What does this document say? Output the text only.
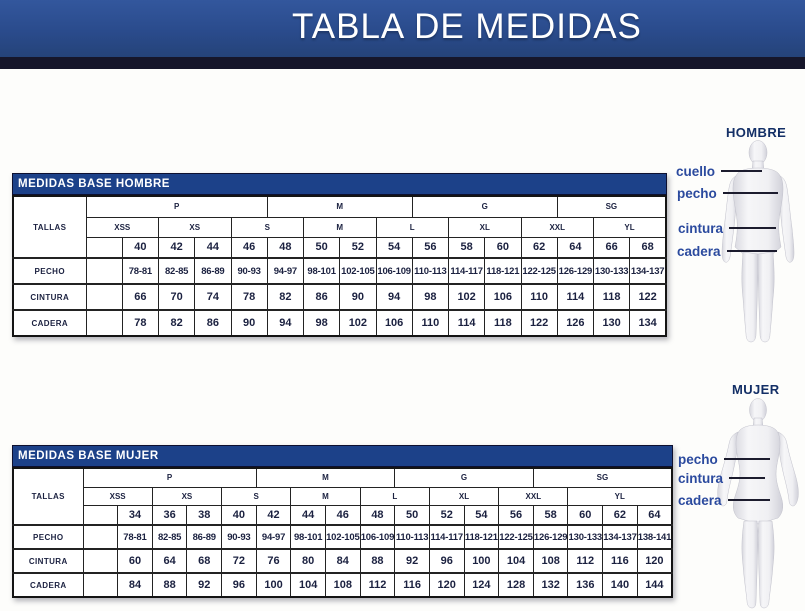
TABLA DE MEDIDAS
MEDIDAS BASE HOMBRE
TALLAS	P					M				G				SG		
	XSS		XS		S		M		L		XL		XXL		YL	
		40	42	44	46	48	50	52	54	56	58	60	62	64	66	68
PECHO		78-81	82-85	86-89	90-93	94-97	98-101	102-105	106-109	110-113	114-117	118-121	122-125	126-129	130-133	134-137
CINTURA		66	70	74	78	82	86	90	94	98	102	106	110	114	118	122
CADERA		78	82	86	90	94	98	102	106	110	114	118	122	126	130	134
MEDIDAS BASE MUJER
TALLAS	P					M				G				SG			
	XSS		XS		S		M		L		XL		XXL		YL		
		34	36	38	40	42	44	46	48	50	52	54	56	58	60	62	64
PECHO		78-81	82-85	86-89	90-93	94-97	98-101	102-105	106-109	110-113	114-117	118-121	122-125	126-129	130-133	134-137	138-141
CINTURA		60	64	68	72	76	80	84	88	92	96	100	104	108	112	116	120
CADERA		84	88	92	96	100	104	108	112	116	120	124	128	132	136	140	144
HOMBRE
cuello
pecho
cintura
cadera
MUJER
pecho
cintura
cadera
